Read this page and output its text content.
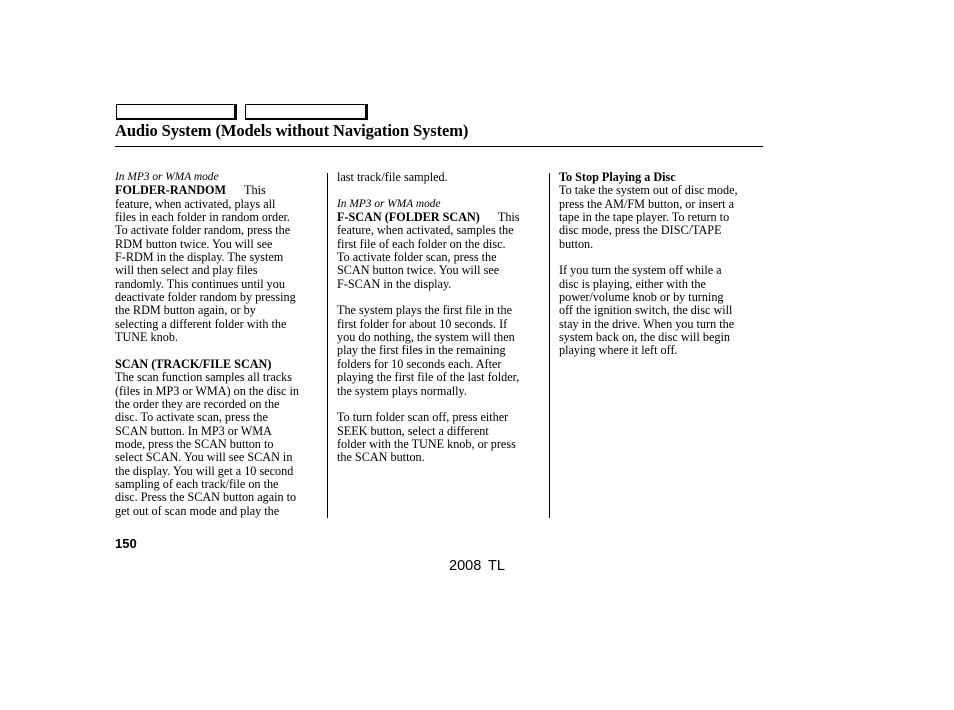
Audio System (Models without Navigation System)
In MP3 or WMA mode
FOLDER-RANDOM This
feature, when activated, plays all
files in each folder in random order.
To activate folder random, press the
RDM button twice. You will see
F-RDM in the display. The system
will then select and play files
randomly. This continues until you
deactivate folder random by pressing
the RDM button again, or by
selecting a different folder with the
TUNE knob.
SCAN (TRACK/FILE SCAN)
The scan function samples all tracks
(files in MP3 or WMA) on the disc in
the order they are recorded on the
disc. To activate scan, press the
SCAN button. In MP3 or WMA
mode, press the SCAN button to
select SCAN. You will see SCAN in
the display. You will get a 10 second
sampling of each track/file on the
disc. Press the SCAN button again to
get out of scan mode and play the
last track/file sampled.
In MP3 or WMA mode
F-SCAN (FOLDER SCAN) This
feature, when activated, samples the
first file of each folder on the disc.
To activate folder scan, press the
SCAN button twice. You will see
F-SCAN in the display.
The system plays the first file in the
first folder for about 10 seconds. If
you do nothing, the system will then
play the first files in the remaining
folders for 10 seconds each. After
playing the first file of the last folder,
the system plays normally.
To turn folder scan off, press either
SEEK button, select a different
folder with the TUNE knob, or press
the SCAN button.
To Stop Playing a Disc
To take the system out of disc mode,
press the AM/FM button, or insert a
tape in the tape player. To return to
disc mode, press the DISC/TAPE
button.
If you turn the system off while a
disc is playing, either with the
power/volume knob or by turning
off the ignition switch, the disc will
stay in the drive. When you turn the
system back on, the disc will begin
playing where it left off.
150
2008 TL
